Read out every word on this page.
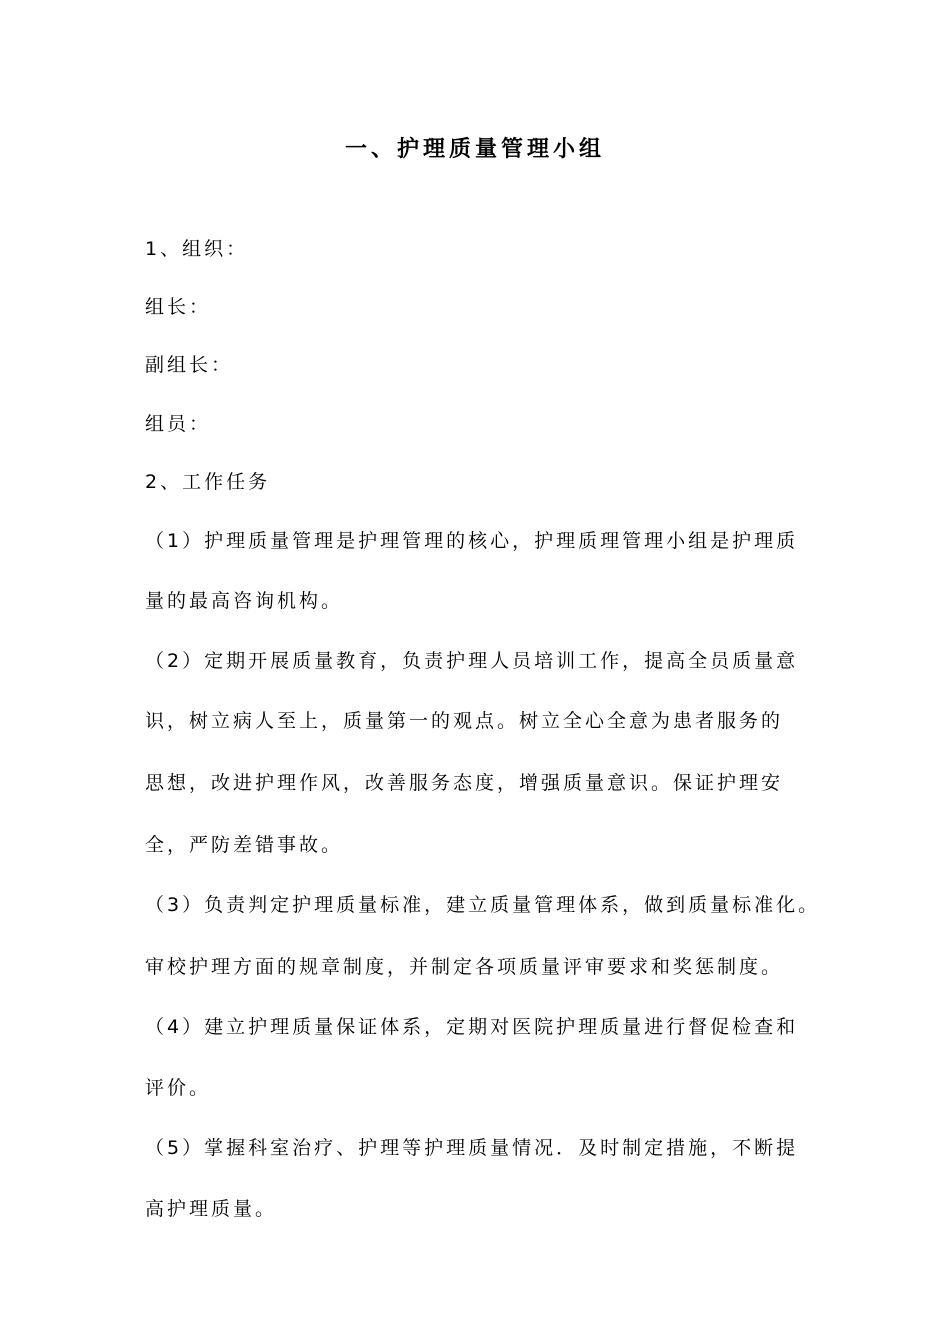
一、护理质量管理小组

1、组织：

组长：

副组长：

组员：

2、工作任务

（1）护理质量管理是护理管理的核心，护理质理管理小组是护理质

量的最高咨询机构。

（2）定期开展质量教育，负责护理人员培训工作，提高全员质量意

识，树立病人至上，质量第一的观点。树立全心全意为患者服务的

思想，改进护理作风，改善服务态度，增强质量意识。保证护理安

全，严防差错事故。

（3）负责判定护理质量标准，建立质量管理体系，做到质量标准化。

审校护理方面的规章制度，并制定各项质量评审要求和奖惩制度。

（4）建立护理质量保证体系，定期对医院护理质量进行督促检查和

评价。

（5）掌握科室治疗、护理等护理质量情况．及时制定措施，不断提

高护理质量。
